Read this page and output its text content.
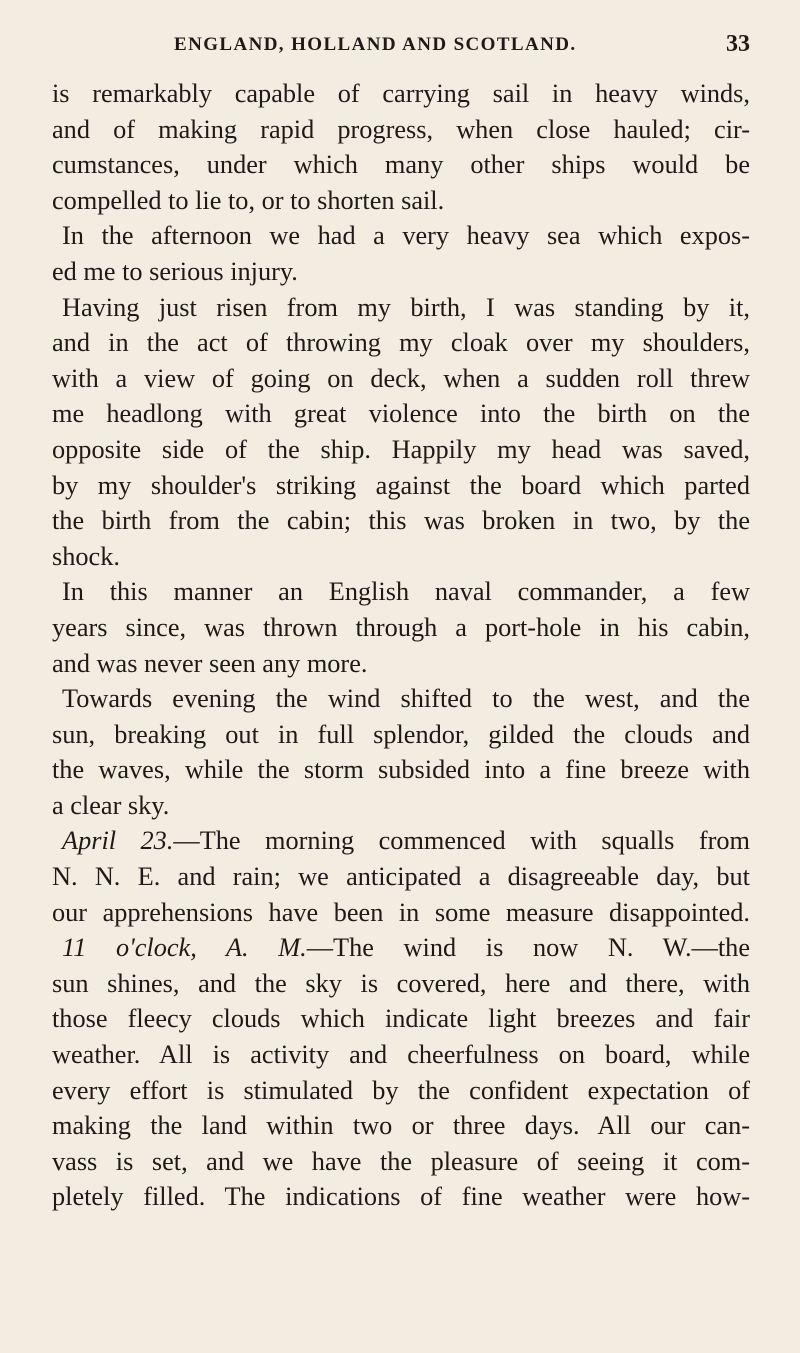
ENGLAND, HOLLAND AND SCOTLAND.	33
is remarkably capable of carrying sail in heavy winds,
and of making rapid progress, when close hauled; cir-
cumstances, under which many other ships would be
compelled to lie to, or to shorten sail.
In the afternoon we had a very heavy sea which expos-
ed me to serious injury.
Having just risen from my birth, I was standing by it,
and in the act of throwing my cloak over my shoulders,
with a view of going on deck, when a sudden roll threw
me headlong with great violence into the birth on the
opposite side of the ship. Happily my head was saved,
by my shoulder's striking against the board which parted
the birth from the cabin; this was broken in two, by the
shock.
In this manner an English naval commander, a few
years since, was thrown through a port-hole in his cabin,
and was never seen any more.
Towards evening the wind shifted to the west, and the
sun, breaking out in full splendor, gilded the clouds and
the waves, while the storm subsided into a fine breeze with
a clear sky.
April 23.—The morning commenced with squalls from
N. N. E. and rain; we anticipated a disagreeable day, but
our apprehensions have been in some measure disappointed.
11 o'clock, A. M.—The wind is now N. W.—the
sun shines, and the sky is covered, here and there, with
those fleecy clouds which indicate light breezes and fair
weather. All is activity and cheerfulness on board, while
every effort is stimulated by the confident expectation of
making the land within two or three days. All our can-
vass is set, and we have the pleasure of seeing it com-
pletely filled. The indications of fine weather were how-
